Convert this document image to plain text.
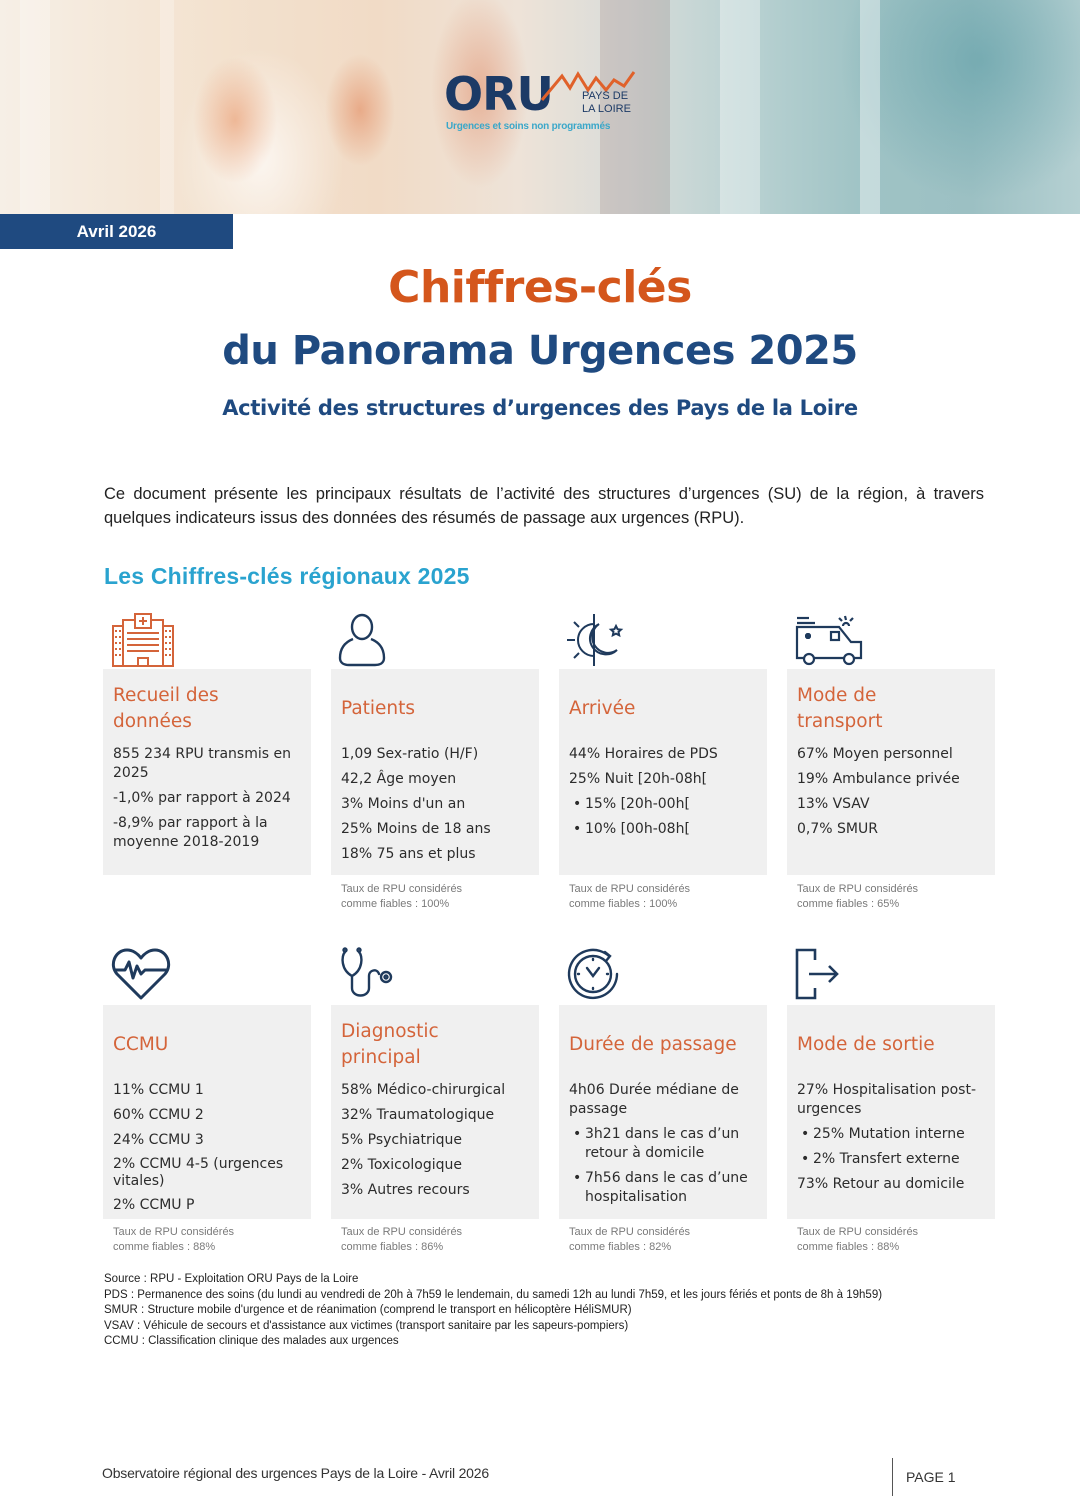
ORU	PAYS DE
LA LOIRE
Urgences et soins non programmés
Avril 2026
Chiffres-clés
du Panorama Urgences 2025
Activité des structures d’urgences des Pays de la Loire

Ce document présente les principaux résultats de l’activité des structures d’urgences (SU) de la région, à travers quelques indicateurs issus des données des résumés de passage aux urgences (RPU).

Les Chiffres-clés régionaux 2025
Recueil des
données
855 234 RPU transmis en 2025
-1,0% par rapport à 2024
-8,9% par rapport à la moyenne 2018-2019
Patients
1,09 Sex-ratio (H/F)
42,2 Âge moyen
3% Moins d'un an
25% Moins de 18 ans
18% 75 ans et plus
Taux de RPU considérés
comme fiables : 100%
Arrivée
44% Horaires de PDS
25% Nuit [20h-08h[
• 15% [20h-00h[
• 10% [00h-08h[
Taux de RPU considérés
comme fiables : 100%
Mode de
transport
67% Moyen personnel
19% Ambulance privée
13% VSAV
0,7% SMUR
Taux de RPU considérés
comme fiables : 65%
CCMU
11% CCMU 1
60% CCMU 2
24% CCMU 3
2% CCMU 4-5 (urgences vitales)
2% CCMU P
Taux de RPU considérés
comme fiables : 88%
Diagnostic
principal
58% Médico-chirurgical
32% Traumatologique
5% Psychiatrique
2% Toxicologique
3% Autres recours
Taux de RPU considérés
comme fiables : 86%
Durée de passage
4h06 Durée médiane de passage
• 3h21 dans le cas d’un retour à domicile
• 7h56 dans le cas d’une hospitalisation
Taux de RPU considérés
comme fiables : 82%
Mode de sortie
27% Hospitalisation post-urgences
• 25% Mutation interne
• 2% Transfert externe
73% Retour au domicile
Taux de RPU considérés
comme fiables : 88%
Source : RPU - Exploitation ORU Pays de la Loire
PDS : Permanence des soins (du lundi au vendredi de 20h à 7h59 le lendemain, du samedi 12h au lundi 7h59, et les jours fériés et ponts de 8h à 19h59)
SMUR : Structure mobile d'urgence et de réanimation (comprend le transport en hélicoptère HéliSMUR)
VSAV : Véhicule de secours et d'assistance aux victimes (transport sanitaire par les sapeurs-pompiers)
CCMU : Classification clinique des malades aux urgences
Observatoire régional des urgences Pays de la Loire - Avril 2026	PAGE 1
